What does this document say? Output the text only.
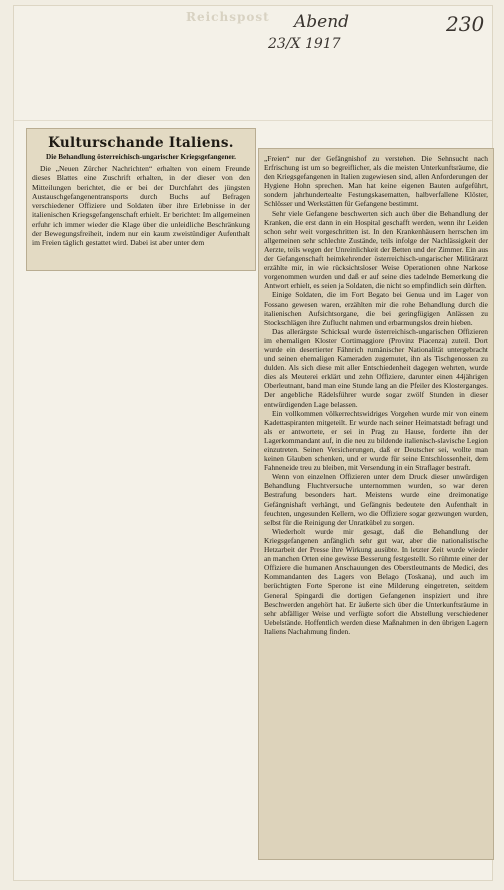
Reichspost Abend
23/X 1917
230
Kulturschande Italiens.
Die Behandlung österreichisch-ungarischer Kriegsgefangener.

Die „Neuen Zürcher Nachrichten“ erhalten von einem Freunde dieses Blattes eine Zuschrift erhalten, in der dieser von den Mitteilungen berichtet, die er bei der Durchfahrt des jüngsten Austauschgefangenentransports durch Buchs auf Befragen verschiedener Offiziere und Soldaten über ihre Erlebnisse in der italienischen Kriegsgefangenschaft erhielt. Er berichtet: Im allgemeinen erfuhr ich immer wieder die Klage über die unleidliche Beschränkung der Bewegungsfreiheit, indem nur ein kaum zweistündiger Aufenthalt im Freien täglich gestattet wird. Dabei ist aber unter dem

„Freien“ nur der Gefängnishof zu verstehen. Die Sehnsucht nach Erfrischung ist um so begreiflicher, als die meisten Unterkunftsräume, die den Kriegsgefangenen in Italien zugewiesen sind, allen Anforderungen der Hygiene Hohn sprechen. Man hat keine eigenen Bauten aufgeführt, sondern jahrhundertealte Festungskasematten, halbverfallene Klöster, Schlösser und Werkstätten für Gefangene bestimmt.

Sehr viele Gefangene beschwerten sich auch über die Behandlung der Kranken, die erst dann in ein Hospital geschafft werden, wenn ihr Leiden schon sehr weit vorgeschritten ist. In den Krankenhäusern herrschen im allgemeinen sehr schlechte Zustände, teils infolge der Nachlässigkeit der Aerzte, teils wegen der Unreinlichkeit der Betten und der Zimmer. Ein aus der Gefangenschaft heimkehrender österreichisch-ungarischer Militärarzt erzählte mir, in wie rücksichtsloser Weise Operationen ohne Narkose vorgenommen wurden und daß er auf seine dies tadelnde Bemerkung die Antwort erhielt, es seien ja Soldaten, die nicht so empfindlich sein dürften.

Einige Soldaten, die im Fort Begato bei Genua und im Lager von Fossano gewesen waren, erzählten mir die rohe Behandlung durch die italienischen Aufsichtsorgane, die bei geringfügigen Anlässen zu Stockschlägen ihre Zuflucht nahmen und erbarmungslos drein hieben.

Das allerärgste Schicksal wurde österreichisch-ungarischen Offizieren im ehemaligen Kloster Cortimaggiore (Provinz Piacenza) zuteil. Dort wurde ein desertierter Fähnrich rumänischer Nationalität untergebracht und seinen ehemaligen Kameraden zugemutet, ihn als Tischgenossen zu dulden. Als sich diese mit aller Entschiedenheit dagegen wehrten, wurde dies als Meuterei erklärt und zehn Offiziere, darunter einen 44jährigen Oberleutnant, band man eine Stunde lang an die Pfeiler des Klosterganges. Der angebliche Rädelsführer wurde sogar zwölf Stunden in dieser entwürdigenden Lage belassen.

Ein vollkommen völkerrechtswidriges Vorgehen wurde mir von einem Kadettaspiranten mitgeteilt. Er wurde nach seiner Heimatstadt befragt und als er antwortete, er sei in Prag zu Hause, forderte ihn der Lagerkommandant auf, in die neu zu bildende italienisch-slavische Legion einzutreten. Seinen Versicherungen, daß er Deutscher sei, wollte man keinen Glauben schenken, und er wurde für seine Entschlossenheit, dem Fahneneide treu zu bleiben, mit Versendung in ein Straflager bestraft.

Wenn von einzelnen Offizieren unter dem Druck dieser unwürdigen Behandlung Fluchtversuche unternommen wurden, so war deren Bestrafung besonders hart. Meistens wurde eine dreimonatige Gefängnishaft verhängt, und Gefängnis bedeutete den Aufenthalt in feuchten, ungesunden Kellern, wo die Offiziere sogar gezwungen wurden, selbst für die Reinigung der Unratkübel zu sorgen.

Wiederholt wurde mir gesagt, daß die Behandlung der Kriegsgefangenen anfänglich sehr gut war, aber die nationalistische Hetzarbeit der Presse ihre Wirkung ausübte. In letzter Zeit wurde wieder an manchen Orten eine gewisse Besserung festgestellt. So rühmte einer der Offiziere die humanen Anschauungen des Oberstleutnants de Medici, des Kommandanten des Lagers von Belago (Toskana), und auch im berüchtigten Forte Sperone ist eine Milderung eingetreten, seitdem General Spingardi die dortigen Gefangenen inspiziert und ihre Beschwerden angehört hat. Er äußerte sich über die Unterkunftsräume in sehr abfälliger Weise und verfügte sofort die Abstellung verschiedener Uebelstände. Hoffentlich werden diese Maßnahmen in den übrigen Lagern Italiens Nachahmung finden.
